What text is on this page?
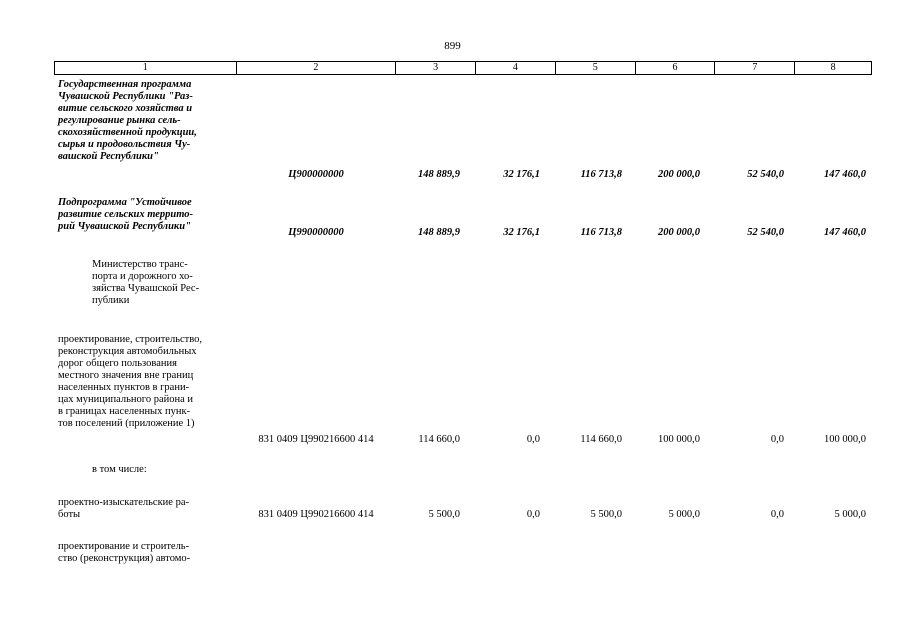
899
1	2	3	4	5	6	7	8
Государственная программа
Чувашской Республики "Раз-
витие сельского хозяйства и
регулирование рынка сель-
скохозяйственной продукции,
сырья и продовольствия Чу-
вашской Республики"
Ц900000000	148 889,9	32 176,1	116 713,8	200 000,0	52 540,0	147 460,0
Подпрограмма "Устойчивое
развитие сельских террито-
рий Чувашской Республики"
Ц990000000	148 889,9	32 176,1	116 713,8	200 000,0	52 540,0	147 460,0
Министерство транс-
порта и дорожного хо-
зяйства Чувашской Рес-
публики
проектирование, строительство,
реконструкция автомобильных
дорог общего пользования
местного значения вне границ
населенных пунктов в грани-
цах муниципального района и
в границах населенных пунк-
тов поселений (приложение 1)
831 0409 Ц990216600 414	114 660,0	0,0	114 660,0	100 000,0	0,0	100 000,0
в том числе:
проектно-изыскательские ра-
боты	831 0409 Ц990216600 414	5 500,0	0,0	5 500,0	5 000,0	0,0	5 000,0
проектирование и строитель-
ство (реконструкция) автомо-
